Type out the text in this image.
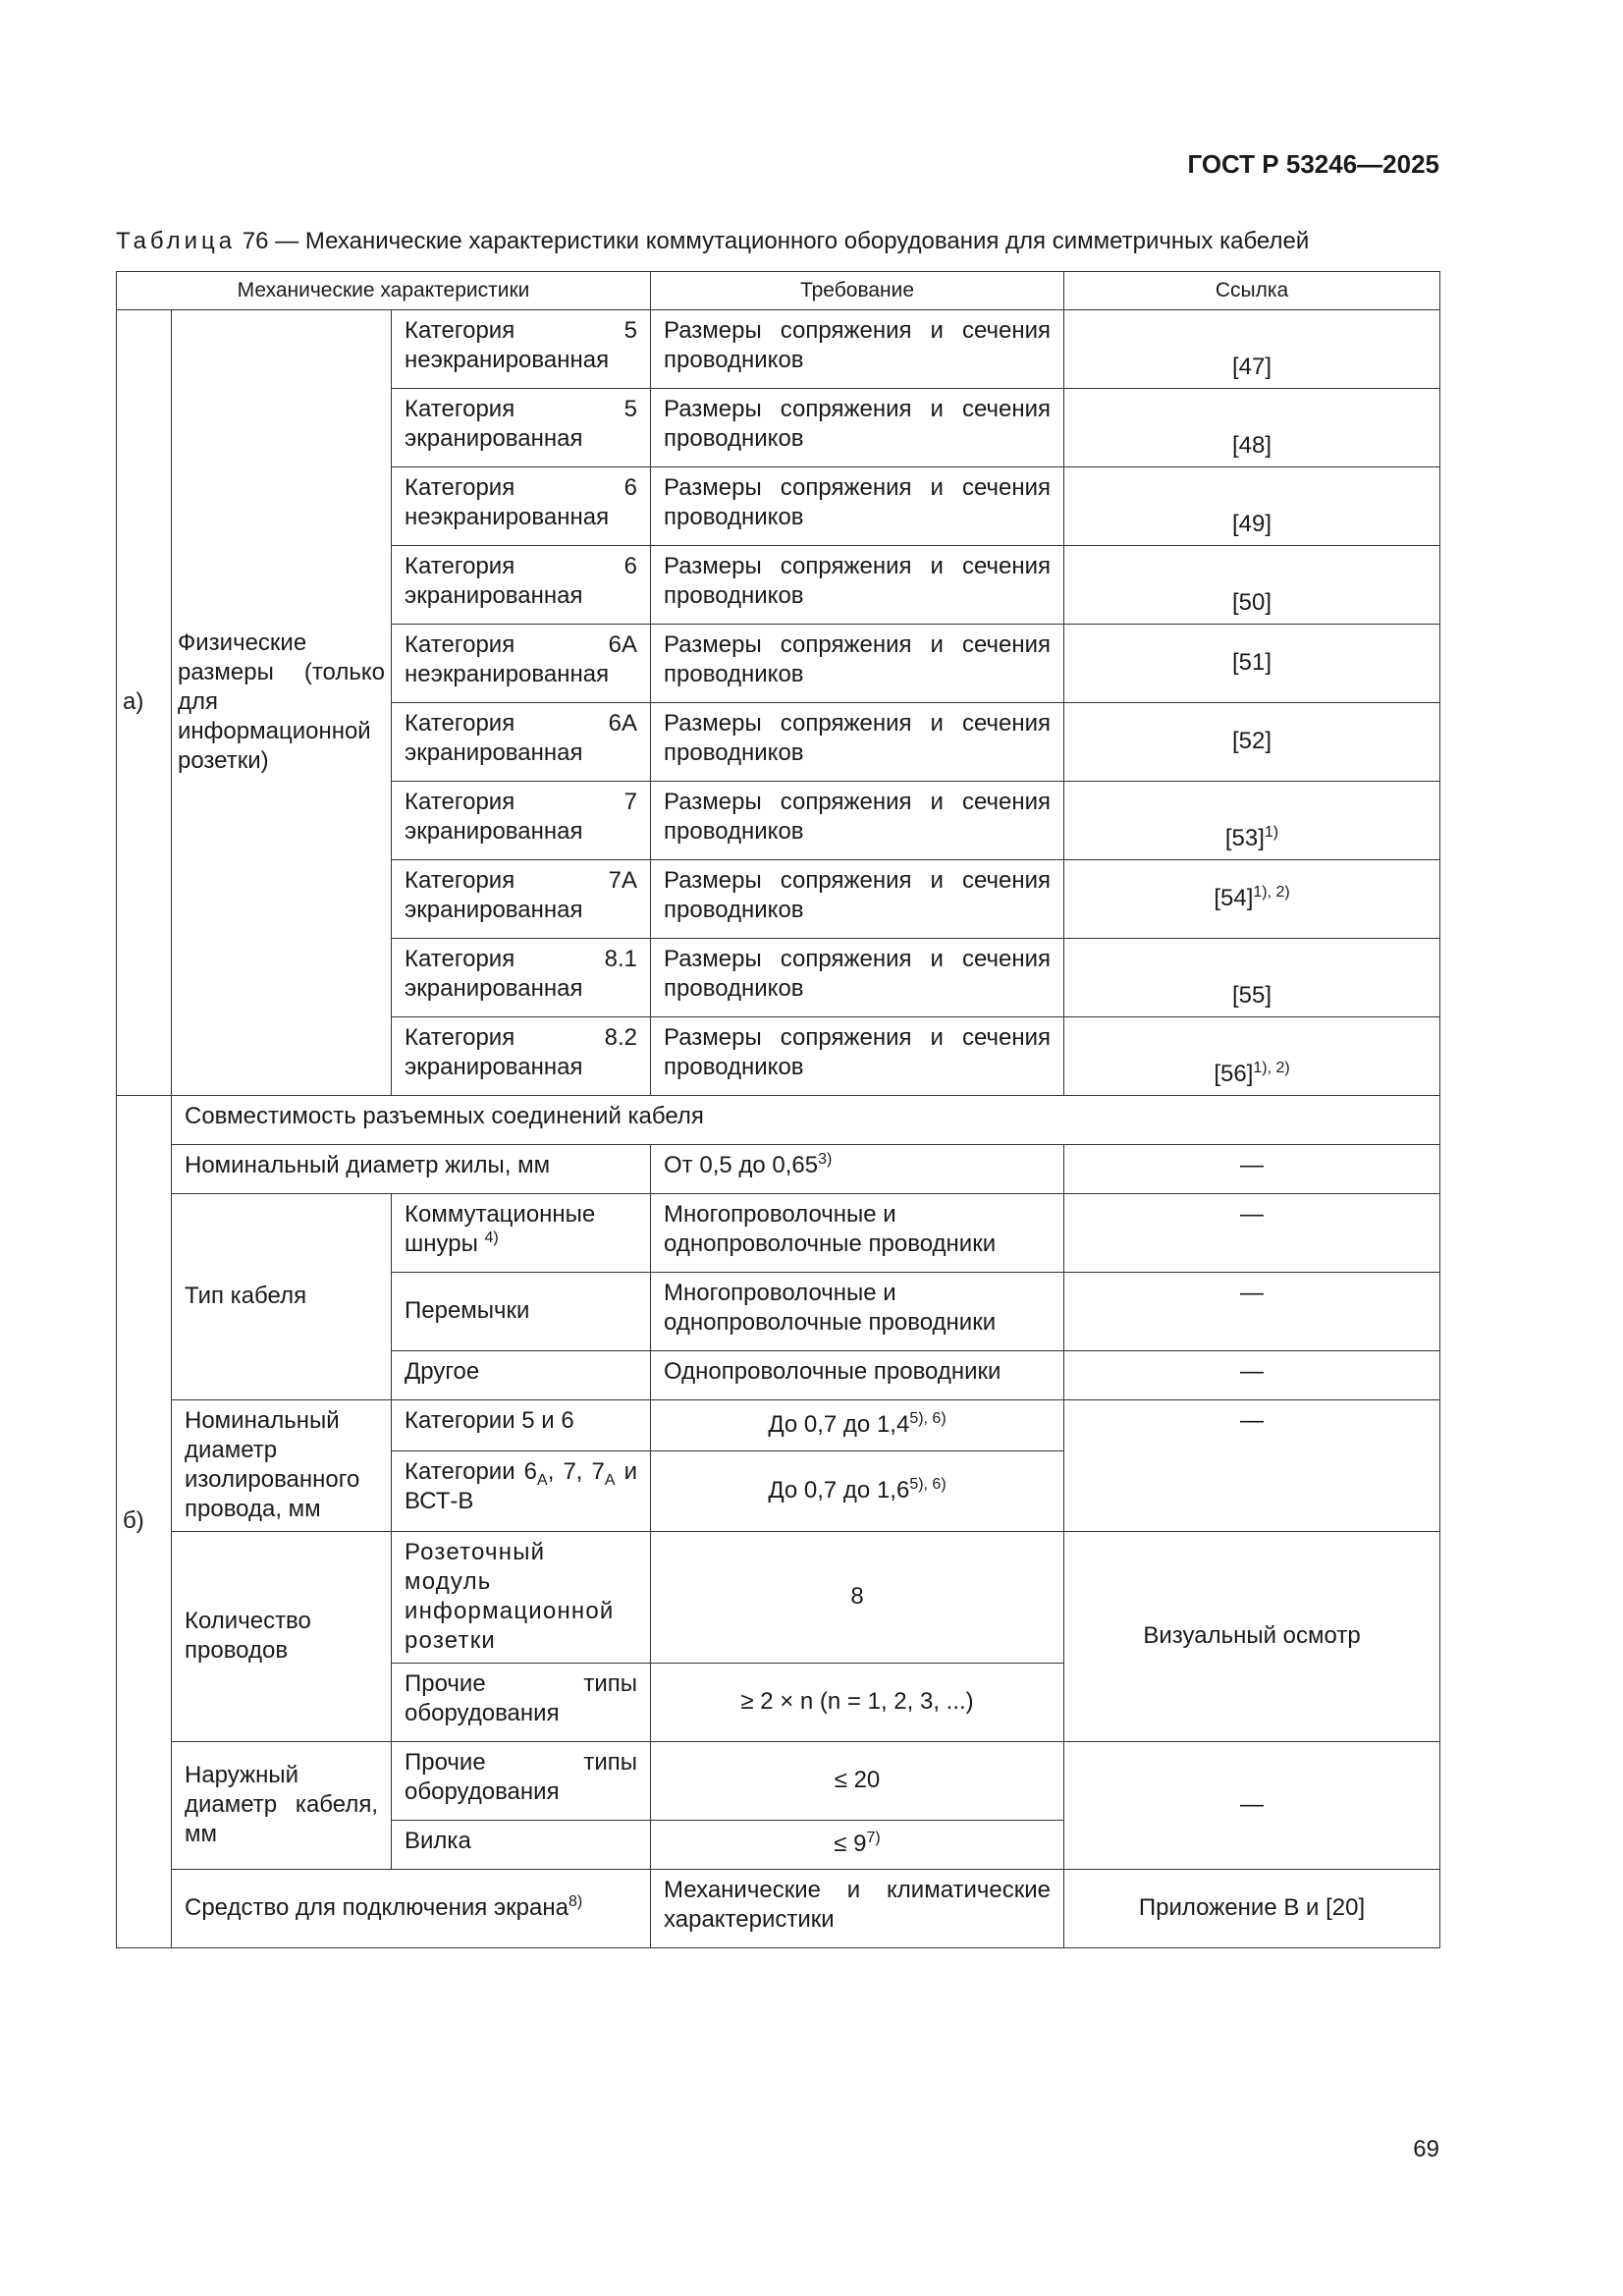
ГОСТ Р 53246—2025
Таблица 76 — Механические характеристики коммутационного оборудования для симметричных кабелей
Механические характеристики			Требование	Ссылка
а)	Физические размеры (только для информационной розетки)	Категория 5 неэкранированная	Размеры сопряжения и сечения проводников	[47]
		Категория 5 экранированная	Размеры сопряжения и сечения проводников	[48]
		Категория 6 неэкранированная	Размеры сопряжения и сечения проводников	[49]
		Категория 6 экранированная	Размеры сопряжения и сечения проводников	[50]
		Категория 6А неэкранированная	Размеры сопряжения и сечения проводников	[51]
		Категория 6А экранированная	Размеры сопряжения и сечения проводников	[52]
		Категория 7 экранированная	Размеры сопряжения и сечения проводников	$[53]^{1)}$
		Категория 7А экранированная	Размеры сопряжения и сечения проводников	$[54]^{1), 2)}$
		Категория 8.1 экранированная	Размеры сопряжения и сечения проводников	[55]
		Категория 8.2 экранированная	Размеры сопряжения и сечения проводников	$[56]^{1), 2)}$
б)	Совместимость разъемных соединений кабеля			
	Номинальный диаметр жилы, мм		От 0,5 до 0,65$^{3)}$	—
	Тип кабеля	Коммутационные шнуры $^{4)}$	Многопроволочные и однопроволочные проводники	—
		Перемычки	Многопроволочные и однопроволочные проводники	—
		Другое	Однопроволочные проводники	—
	Номинальный диаметр изолированного провода, мм	Категории 5 и 6	До 0,7 до $1,4^{5), 6)}$	—
		Категории $6_А$, 7, $7_А$ и ВСТ-В	До 0,7 до $1,6^{5), 6)}$
	Количество проводов	Розеточный модуль информационной розетки	8	Визуальный осмотр
		Прочие типы оборудования	≥ 2 × n (n = 1, 2, 3, ...)	
	Наружный диаметр кабеля, мм	Прочие типы оборудования	≤ 20	—
		Вилка	≤ $9^{7)}$
	Средство для подключения экрана$^{8)}$		Механические и климатические характеристики	Приложение В и [20]
69
